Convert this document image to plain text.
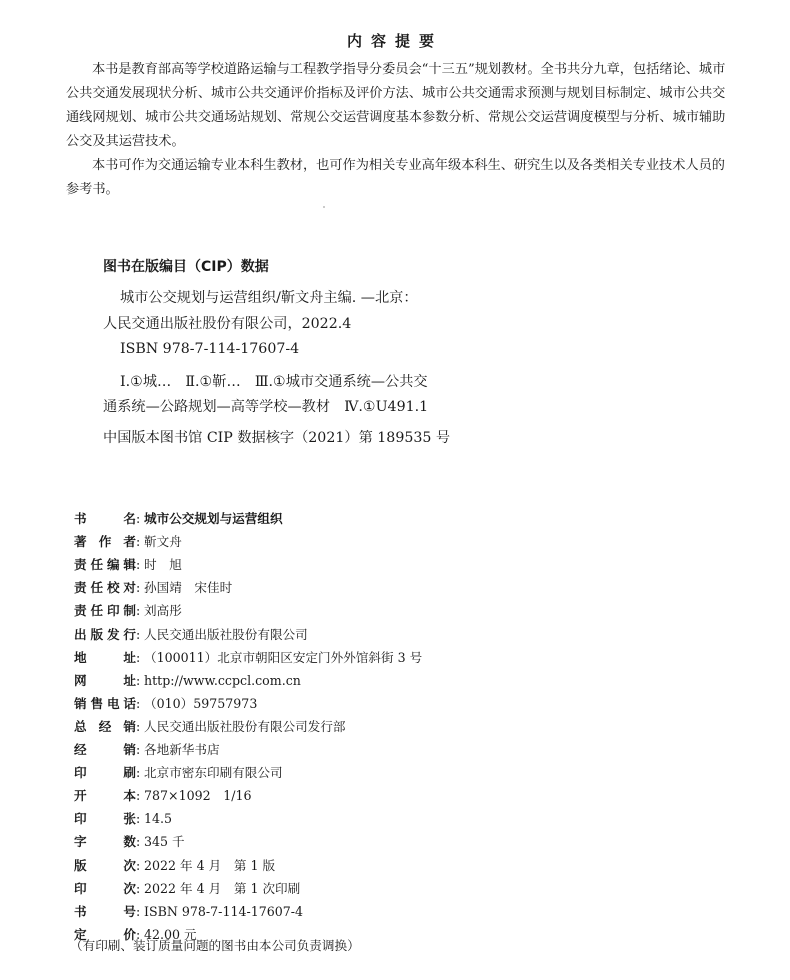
内容提要
本书是教育部高等学校道路运输与工程教学指导分委员会“十三五”规划教材。全书共分九章，包括绪论、城市公共交通发展现状分析、城市公共交通评价指标及评价方法、城市公共交通需求预测与规划目标制定、城市公共交通线网规划、城市公共交通场站规划、常规公交运营调度基本参数分析、常规公交运营调度模型与分析、城市辅助公交及其运营技术。
本书可作为交通运输专业本科生教材，也可作为相关专业高年级本科生、研究生以及各类相关专业技术人员的参考书。
图书在版编目（CIP）数据
城市公交规划与运营组织/靳文舟主编. —北京：
人民交通出版社股份有限公司，2022.4
ISBN 978-7-114-17607-4
Ⅰ.①城…　Ⅱ.①靳…　Ⅲ.①城市交通系统—公共交
通系统—公路规划—高等学校—教材　Ⅳ.①U491.1
中国版本图书馆 CIP 数据核字（2021）第 189535 号
书名: 城市公交规划与运营组织
著作者: 靳文舟
责任编辑: 时　旭
责任校对: 孙国靖　宋佳时
责任印制: 刘高彤
出版发行: 人民交通出版社股份有限公司
地址: （100011）北京市朝阳区安定门外外馆斜街 3 号
网址: http://www.ccpcl.com.cn
销售电话: （010）59757973
总经销: 人民交通出版社股份有限公司发行部
经销: 各地新华书店
印刷: 北京市密东印刷有限公司
开本: 787×1092　1/16
印张: 14.5
字数: 345 千
版次: 2022 年 4 月　第 1 版
印次: 2022 年 4 月　第 1 次印刷
书号: ISBN 978-7-114-17607-4
定价: 42.00 元
（有印刷、装订质量问题的图书由本公司负责调换）
